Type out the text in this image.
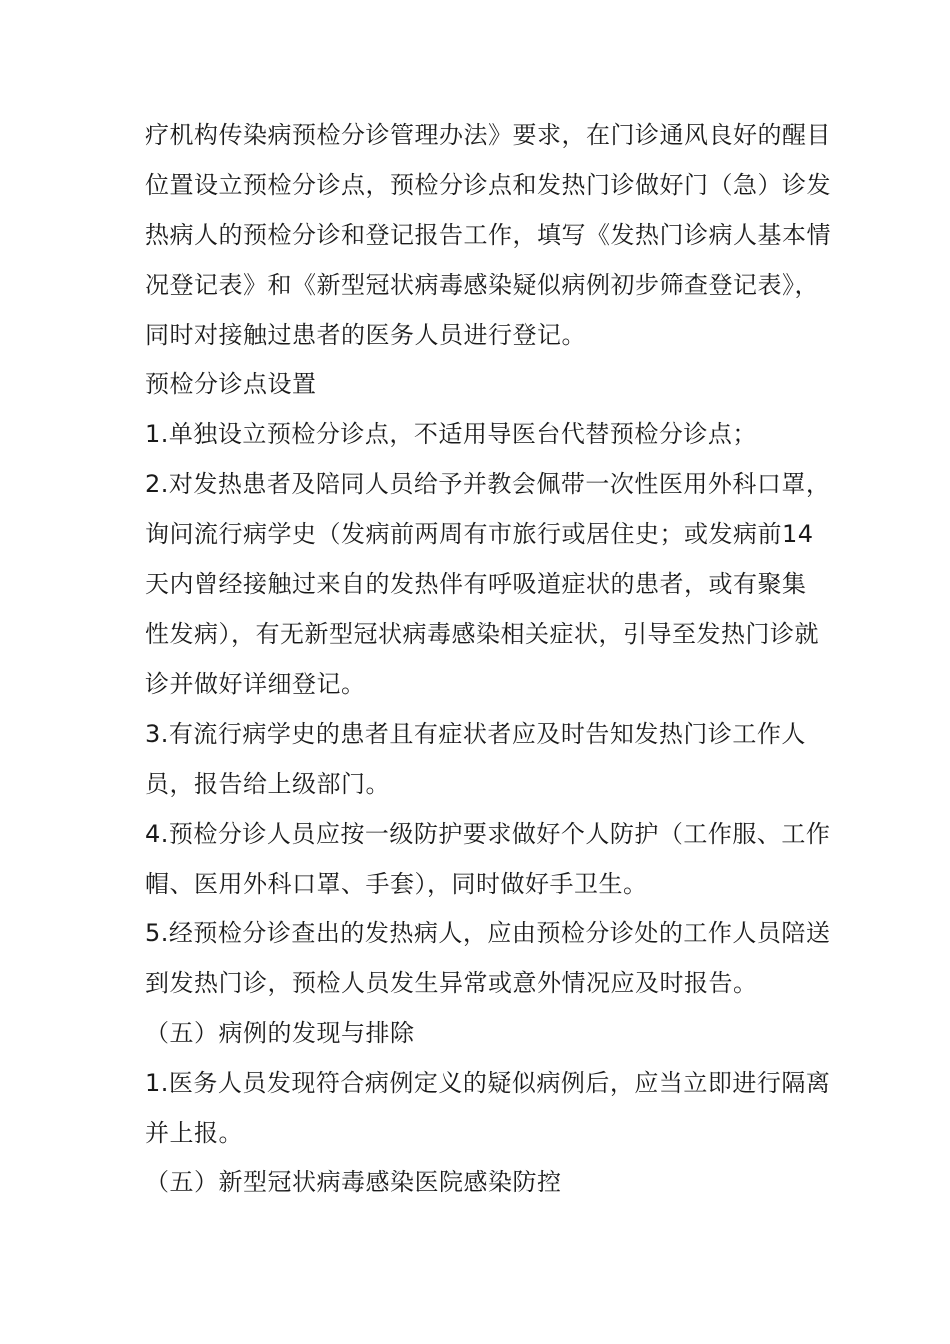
疗机构传染病预检分诊管理办法》要求，在门诊通风良好的醒目
位置设立预检分诊点，预检分诊点和发热门诊做好门（急）诊发
热病人的预检分诊和登记报告工作，填写《发热门诊病人基本情
况登记表》和《新型冠状病毒感染疑似病例初步筛查登记表》，
同时对接触过患者的医务人员进行登记。
预检分诊点设置
1.单独设立预检分诊点，不适用导医台代替预检分诊点；
2.对发热患者及陪同人员给予并教会佩带一次性医用外科口罩，
询问流行病学史（发病前两周有市旅行或居住史；或发病前14
天内曾经接触过来自的发热伴有呼吸道症状的患者，或有聚集
性发病），有无新型冠状病毒感染相关症状，引导至发热门诊就
诊并做好详细登记。
3.有流行病学史的患者且有症状者应及时告知发热门诊工作人
员，报告给上级部门。
4.预检分诊人员应按一级防护要求做好个人防护（工作服、工作
帽、医用外科口罩、手套），同时做好手卫生。
5.经预检分诊查出的发热病人，应由预检分诊处的工作人员陪送
到发热门诊，预检人员发生异常或意外情况应及时报告。
（五）病例的发现与排除
1.医务人员发现符合病例定义的疑似病例后，应当立即进行隔离
并上报。
（五）新型冠状病毒感染医院感染防控
